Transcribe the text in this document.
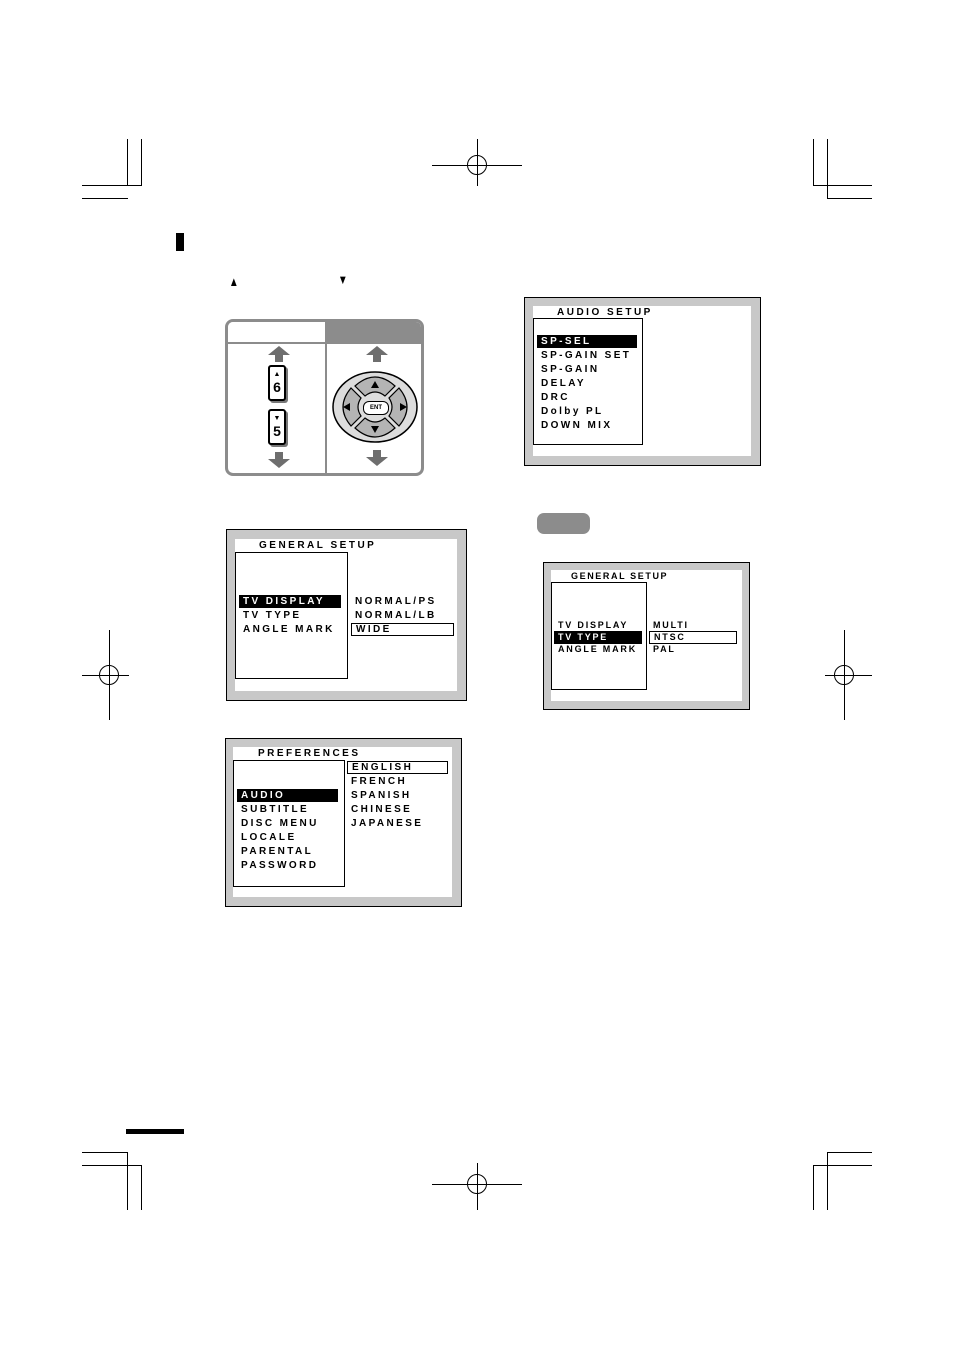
▲	▼
▲
6
▼
5
ENT
AUDIO SETUP
SP-SEL
SP-GAIN SET
SP-GAIN
DELAY
DRC
Dolby PL
DOWN MIX
GENERAL SETUP
TV DISPLAY
TV TYPE
ANGLE MARK
NORMAL/PS
NORMAL/LB
WIDE
GENERAL SETUP
TV DISPLAY
TV TYPE
ANGLE MARK
MULTI
NTSC
PAL
PREFERENCES
AUDIO
SUBTITLE
DISC MENU
LOCALE
PARENTAL
PASSWORD
ENGLISH
FRENCH
SPANISH
CHINESE
JAPANESE
